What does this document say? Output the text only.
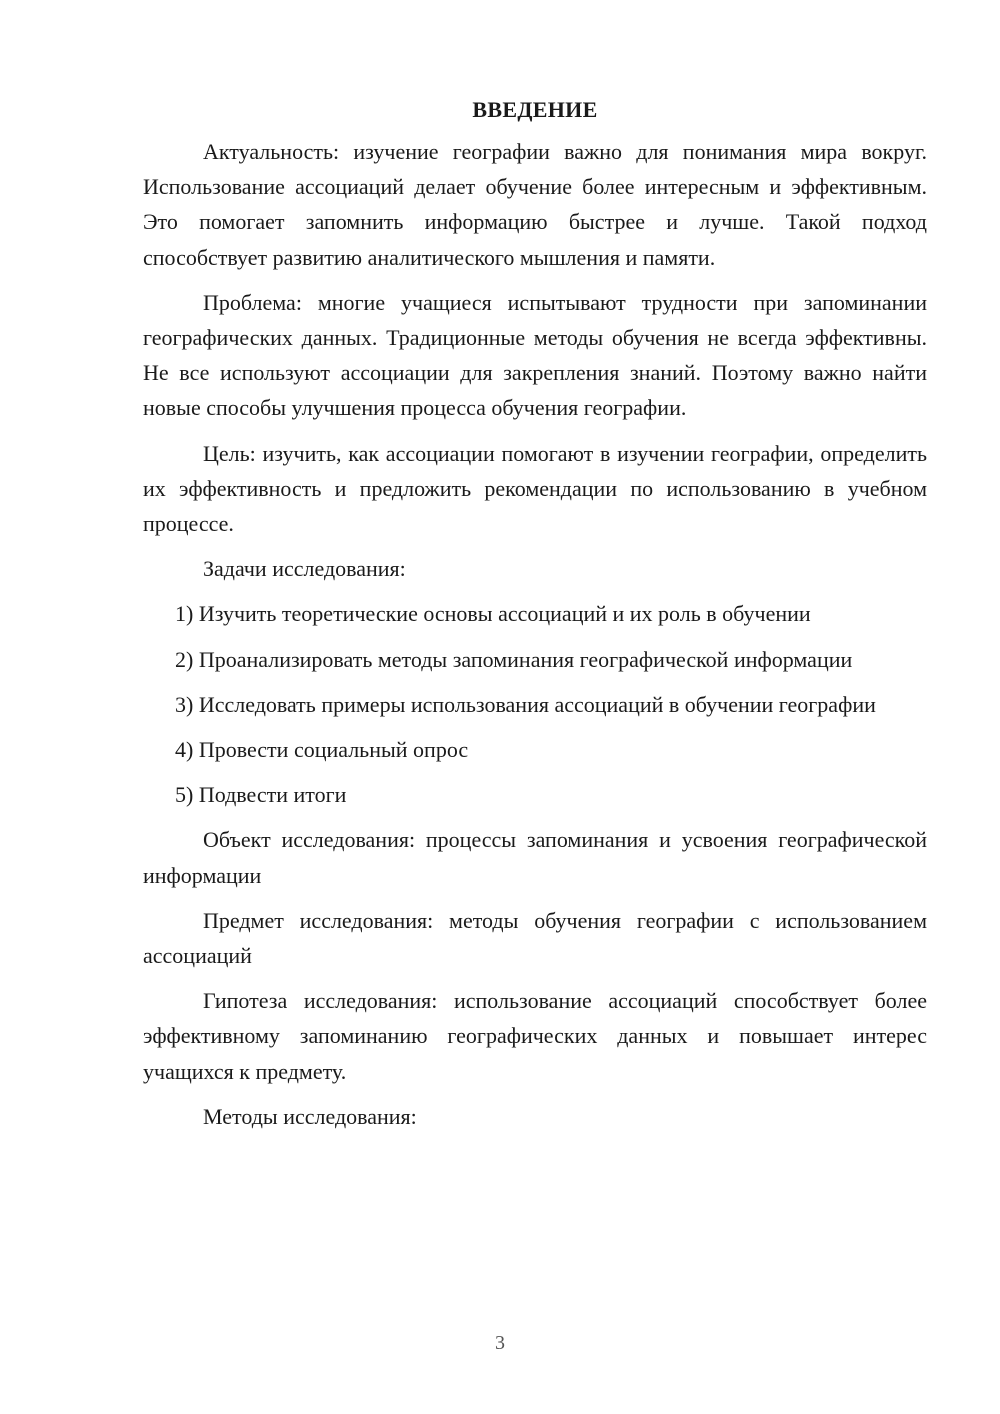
ВВЕДЕНИЕ

Актуальность: изучение географии важно для понимания мира вокруг. Использование ассоциаций делает обучение более интересным и эффективным. Это помогает запомнить информацию быстрее и лучше. Такой подход способствует развитию аналитического мышления и памяти.

Проблема: многие учащиеся испытывают трудности при запоминании географических данных. Традиционные методы обучения не всегда эффективны. Не все используют ассоциации для закрепления знаний. Поэтому важно найти новые способы улучшения процесса обучения географии.

Цель: изучить, как ассоциации помогают в изучении географии, определить их эффективность и предложить рекомендации по использованию в учебном процессе.

Задачи исследования:

1) Изучить теоретические основы ассоциаций и их роль в обучении

2) Проанализировать методы запоминания географической информации

3) Исследовать примеры использования ассоциаций в обучении географии

4) Провести социальный опрос

5) Подвести итоги

Объект исследования: процессы запоминания и усвоения географической информации

Предмет исследования: методы обучения географии с использованием ассоциаций

Гипотеза исследования: использование ассоциаций способствует более эффективному запоминанию географических данных и повышает интерес учащихся к предмету.

Методы исследования:

3
